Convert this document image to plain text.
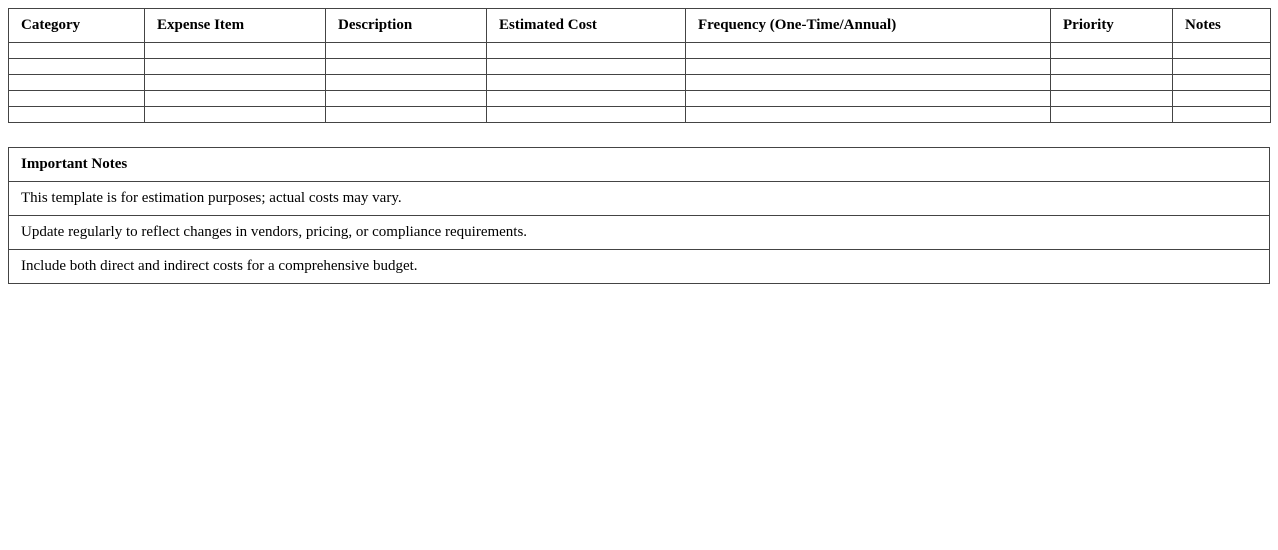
Category	Expense Item	Description	Estimated Cost	Frequency (One-Time/Annual)	Priority	Notes

Important Notes
This template is for estimation purposes; actual costs may vary.
Update regularly to reflect changes in vendors, pricing, or compliance requirements.
Include both direct and indirect costs for a comprehensive budget.
